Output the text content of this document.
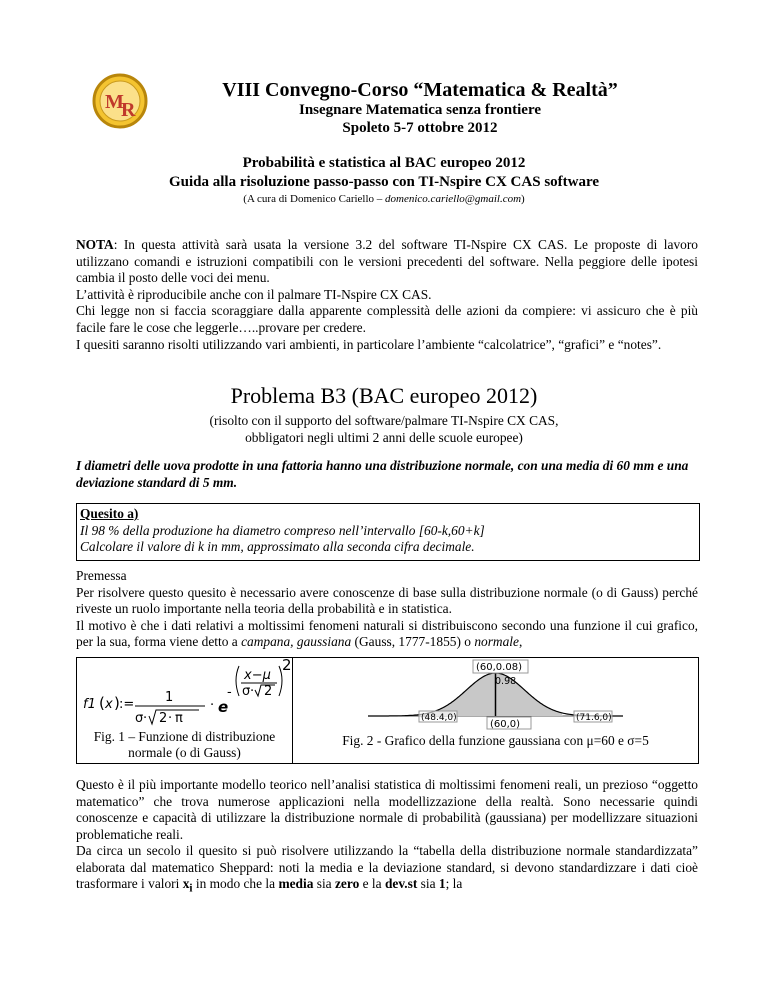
M
R
VIII Convegno-Corso “Matematica & Realtà”
Insegnare Matematica senza frontiere
Spoleto 5-7 ottobre 2012
Probabilità e statistica al BAC europeo 2012
Guida alla risoluzione passo-passo con TI-Nspire CX CAS software
(A cura di Domenico Cariello – domenico.cariello@gmail.com)

NOTA: In questa attività sarà usata la versione 3.2 del software TI-Nspire CX CAS. Le proposte di lavoro utilizzano comandi e istruzioni compatibili con le versioni precedenti del software. Nella peggiore delle ipotesi cambia il posto delle voci dei menu.

L’attività è riproducibile anche con il palmare TI-Nspire CX CAS.

Chi legge non si faccia scoraggiare dalla apparente complessità delle azioni da compiere: vi assicuro che è più facile fare le cose che leggerle…..provare per credere.

I quesiti saranno risolti utilizzando vari ambienti, in particolare l’ambiente “calcolatrice”, “grafici” e “notes”.

Problema B3 (BAC europeo 2012)
(risolto con il supporto del software/palmare TI-Nspire CX CAS,
obbligatori negli ultimi 2 anni delle scuole europee)

I diametri delle uova prodotte in una fattoria hanno una distribuzione normale, con una media di 60 mm e una deviazione standard di 5 mm.

Quesito a)
Il 98 % della produzione ha diametro compreso nell’intervallo [60-k,60+k]
Calcolare il valore di k in mm, approssimato alla seconda cifra decimale.

Premessa

Per risolvere questo quesito è necessario avere conoscenze di base sulla distribuzione normale (o di Gauss) perché riveste un ruolo importante nella teoria della probabilità e in statistica.

Il motivo è che i dati relativi a moltissimi fenomeni naturali si distribuiscono secondo una funzione il cui grafico, per la sua, forma viene detto a campana, gaussiana (Gauss, 1777-1855) o normale,

f1 ( x ) := 1
σ · 2 · π
· e
-
x−μ
σ · 2
2
Fig. 1 – Funzione di distribuzione
normale (o di Gauss)
(60,0.08)
0.98
(48.4,0)	(71.6,0)
(60,0)
Fig. 2 - Grafico della funzione gaussiana con μ=60 e σ=5

Questo è il più importante modello teorico nell’analisi statistica di moltissimi fenomeni reali, un prezioso “oggetto matematico” che trova numerose applicazioni nella modellizzazione della realtà. Sono necessarie quindi conoscenze e capacità di utilizzare la distribuzione normale di probabilità (gaussiana) per modellizzare situazioni problematiche reali.

Da circa un secolo il quesito si può risolvere utilizzando la “tabella della distribuzione normale standardizzata” elaborata dal matematico Sheppard: noti la media e la deviazione standard, si devono standardizzare i dati cioè trasformare i valori $x_i$ in modo che la media sia zero e la dev.st sia 1; la
